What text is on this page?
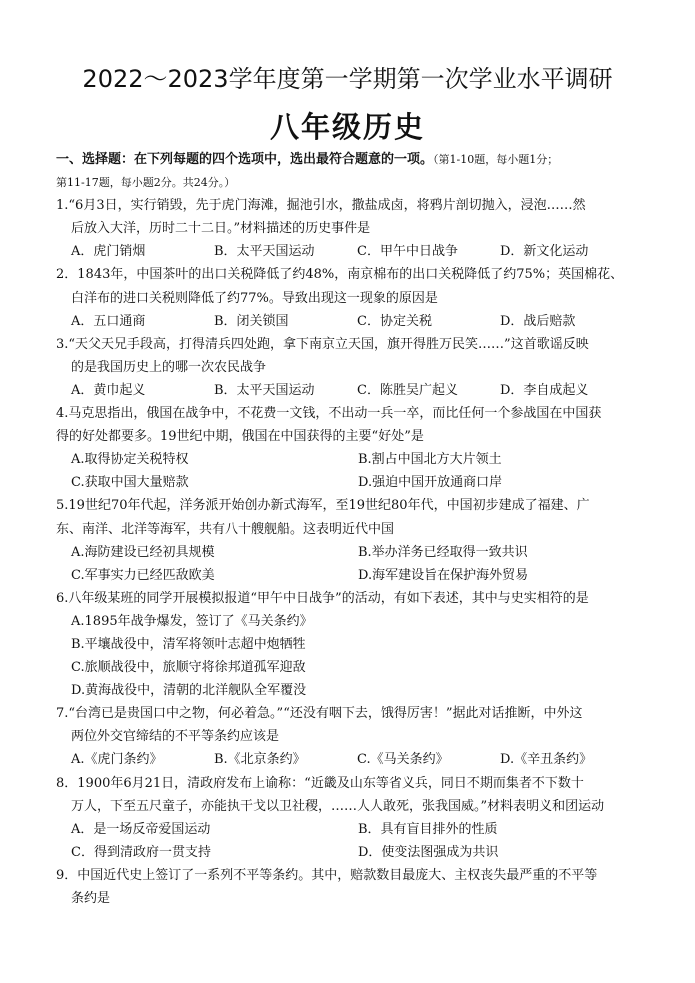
2022～2023学年度第一学期第一次学业水平调研
八年级历史
一、选择题：在下列每题的四个选项中，选出最符合题意的一项。（第1-10题，每小题1分；
第11-17题，每小题2分。共24分。）
1.“6月3日，实行销毁，先于虎门海滩，掘池引水，撒盐成卤，将鸦片剖切抛入，浸泡……然
后放入大洋，历时二十二日。”材料描述的历史事件是
A．虎门销烟	B．太平天国运动	C．甲午中日战争	D．新文化运动
2．1843年，中国茶叶的出口关税降低了约48%，南京棉布的出口关税降低了约75%；英国棉花、
白洋布的进口关税则降低了约77%。导致出现这一现象的原因是
A．五口通商	B．闭关锁国	C．协定关税	D．战后赔款
3.“天父天兄手段高，打得清兵四处跑，拿下南京立天国，旗开得胜万民笑……”这首歌谣反映
的是我国历史上的哪一次农民战争
A．黄巾起义	B．太平天国运动	C．陈胜吴广起义	D．李自成起义
4.马克思指出，俄国在战争中，不花费一文钱，不出动一兵一卒，而比任何一个参战国在中国获
得的好处都要多。19世纪中期，俄国在中国获得的主要“好处”是
A.取得协定关税特权	B.割占中国北方大片领土
C.获取中国大量赔款	D.强迫中国开放通商口岸
5.19世纪70年代起，洋务派开始创办新式海军，至19世纪80年代，中国初步建成了福建、广
东、南洋、北洋等海军，共有八十艘舰船。这表明近代中国
A.海防建设已经初具规模	B.举办洋务已经取得一致共识
C.军事实力已经匹敌欧美	D.海军建设旨在保护海外贸易
6.八年级某班的同学开展模拟报道“甲午中日战争”的活动，有如下表述，其中与史实相符的是
A.1895年战争爆发，签订了《马关条约》
B.平壤战役中，清军将领叶志超中炮牺牲
C.旅顺战役中，旅顺守将徐邦道孤军迎敌
D.黄海战役中，清朝的北洋舰队全军覆没
7.“台湾已是贵国口中之物，何必着急。”“还没有咽下去，饿得厉害！”据此对话推断，中外这
两位外交官缔结的不平等条约应该是
A.《虎门条约》	B.《北京条约》	C.《马关条约》	D.《辛丑条约》
8．1900年6月21日，清政府发布上谕称：“近畿及山东等省义兵，同日不期而集者不下数十
万人，下至五尺童子，亦能执干戈以卫社稷，……人人敢死，张我国威。”材料表明义和团运动
A．是一场反帝爱国运动	B．具有盲目排外的性质
C．得到清政府一贯支持	D．使变法图强成为共识
9．中国近代史上签订了一系列不平等条约。其中，赔款数目最庞大、主权丧失最严重的不平等
条约是
